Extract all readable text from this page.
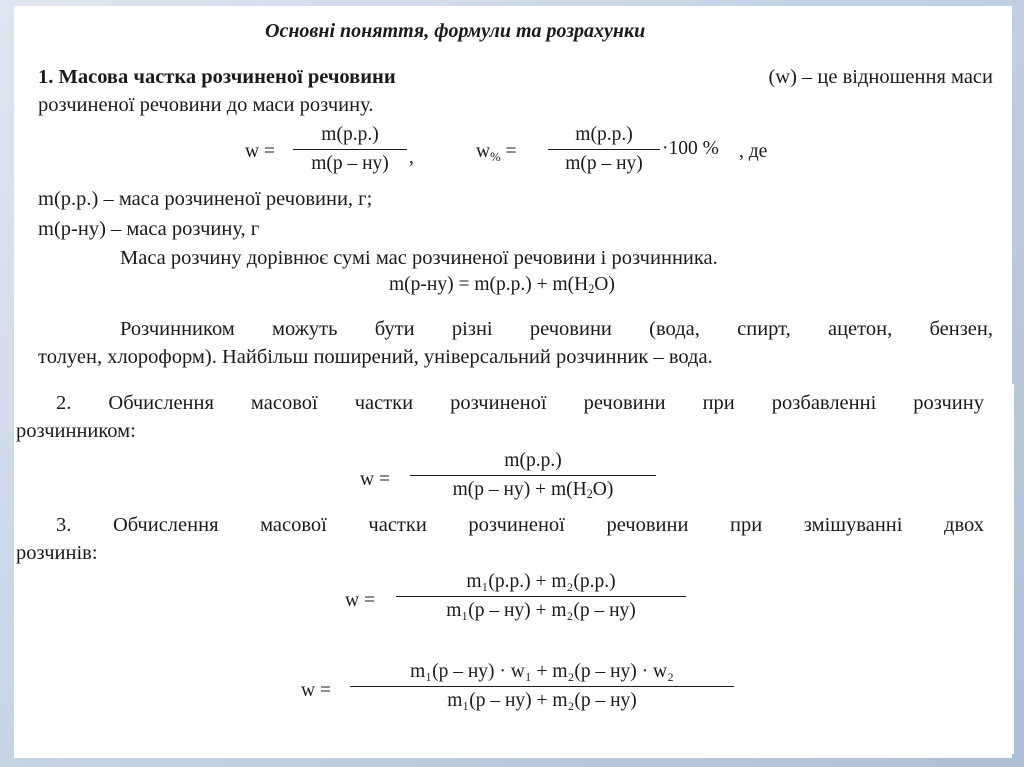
Основні поняття, формули та розрахунки
1. Масова частка розчиненої речовини	(w) – це відношення маси
розчиненої речовини до маси розчину.
w =
m(р.р.)
m(р – ну)	,	w% =
m(р.р.)
m(р – ну)
·100 % , де
m(р.р.) – маса розчиненої речовини, г;
m(р-ну) – маса розчину, г
Маса розчину дорівнює сумі мас розчиненої речовини і розчинника.
$m(р-ну) = m(р.р.) + m(H_2O)$
Розчинником можуть бути різні речовини (вода, спирт, ацетон, бензен,
толуен, хлороформ). Найбільш поширений, універсальний розчинник – вода.
2. Обчислення масової частки розчиненої речовини при розбавленні розчину
розчинником:
w =
m(р.р.)
$m(р - ну) + m(H_2O)$
3. Обчислення масової частки розчиненої речовини при змішуванні двох
розчинів:
w =
m₁(р.р.) + m₂(р.р.)
m₁(р – ну) + m₂(р – ну)
w =
m₁(р – ну) · w₁ + m₂(р – ну) · w₂
m₁(р – ну) + m₂(р – ну)
